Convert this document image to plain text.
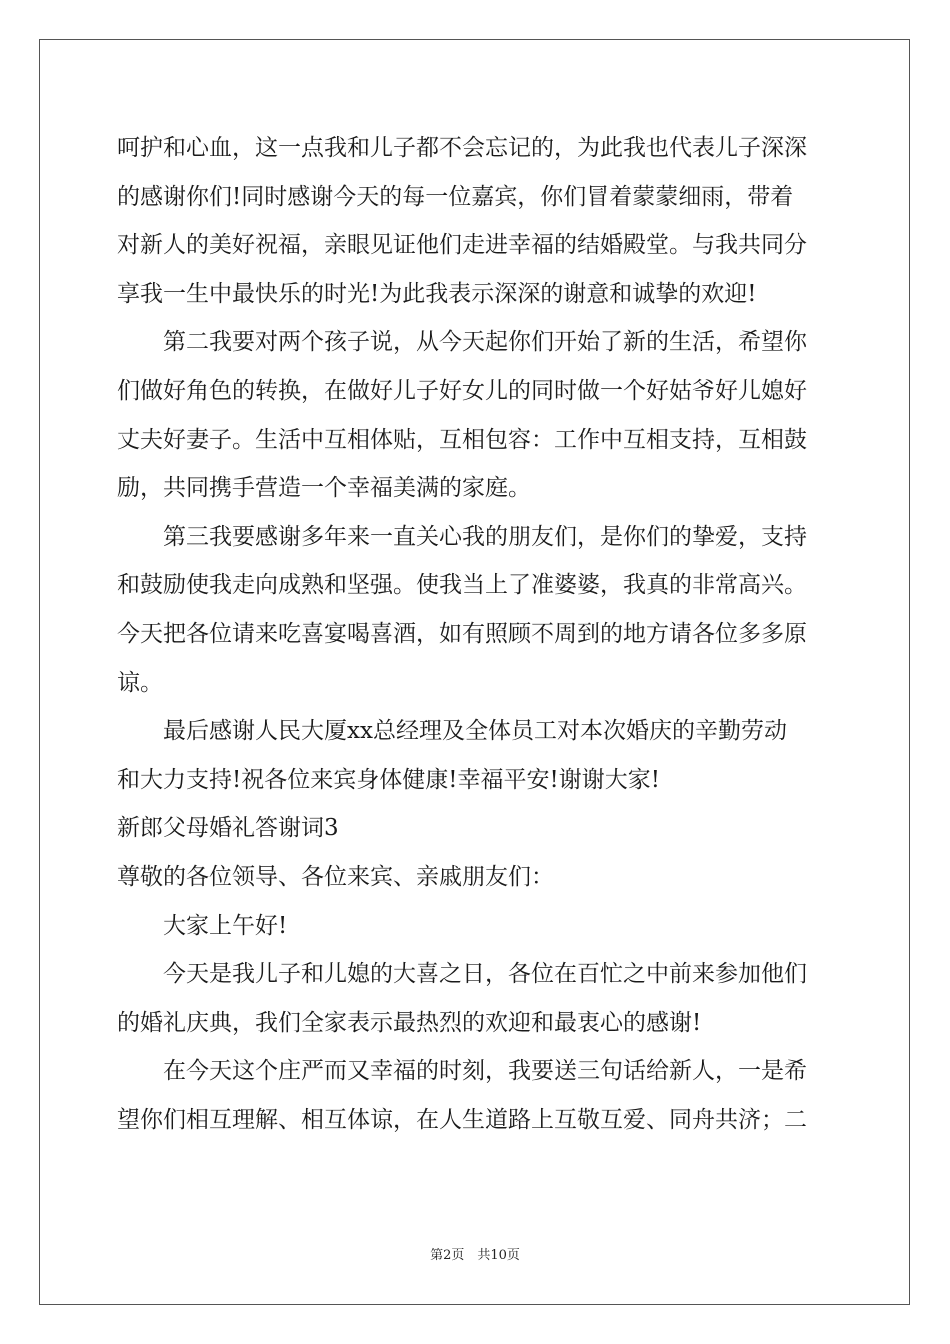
呵护和心血，这一点我和儿子都不会忘记的，为此我也代表儿子深深
的感谢你们!同时感谢今天的每一位嘉宾，你们冒着蒙蒙细雨，带着
对新人的美好祝福，亲眼见证他们走进幸福的结婚殿堂。与我共同分
享我一生中最快乐的时光!为此我表示深深的谢意和诚挚的欢迎!
第二我要对两个孩子说，从今天起你们开始了新的生活，希望你
们做好角色的转换，在做好儿子好女儿的同时做一个好姑爷好儿媳好
丈夫好妻子。生活中互相体贴，互相包容：工作中互相支持，互相鼓
励，共同携手营造一个幸福美满的家庭。
第三我要感谢多年来一直关心我的朋友们，是你们的挚爱，支持
和鼓励使我走向成熟和坚强。使我当上了准婆婆，我真的非常高兴。
今天把各位请来吃喜宴喝喜酒，如有照顾不周到的地方请各位多多原
谅。
最后感谢人民大厦xx总经理及全体员工对本次婚庆的辛勤劳动
和大力支持!祝各位来宾身体健康!幸福平安!谢谢大家!
新郎父母婚礼答谢词3
尊敬的各位领导、各位来宾、亲戚朋友们：
大家上午好!
今天是我儿子和儿媳的大喜之日，各位在百忙之中前来参加他们
的婚礼庆典，我们全家表示最热烈的欢迎和最衷心的感谢!
在今天这个庄严而又幸福的时刻，我要送三句话给新人，一是希
望你们相互理解、相互体谅，在人生道路上互敬互爱、同舟共济；二
第2页　共10页
